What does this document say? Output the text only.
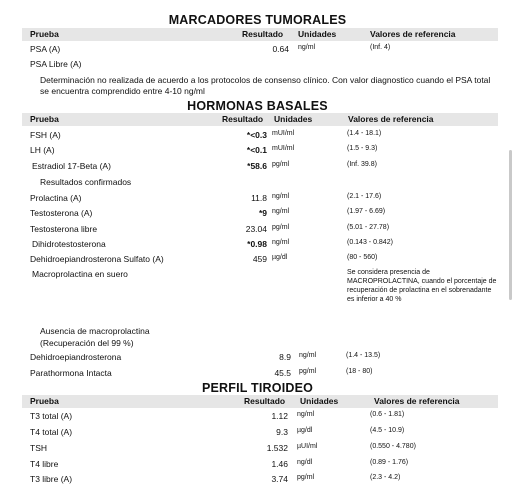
MARCADORES TUMORALES
Prueba	Resultado Unidades	Valores de referencia
PSA (A)	0.64 ng/ml	(Inf. 4)
PSA Libre (A)
Determinación no realizada de acuerdo a los protocolos de consenso clínico. Con valor diagnostico cuando el PSA total se encuentra comprendido entre 4-10 ng/ml
HORMONAS BASALES
Prueba	Resultado Unidades	Valores de referencia
FSH (A)	*<0.3 mUI/ml	(1.4 - 18.1)
LH (A)	*<0.1 mUI/ml	(1.5 - 9.3)
Estradiol 17-Beta (A)	*58.6 pg/ml	(Inf. 39.8)
Resultados confirmados
Prolactina (A)	11.8 ng/ml	(2.1 - 17.6)
Testosterona (A)	*9 ng/ml	(1.97 - 6.69)
Testosterona libre	23.04 pg/ml	(5.01 - 27.78)
Dihidrotestosterona	*0.98 ng/ml	(0.143 - 0.842)
Dehidroepiandrosterona Sulfato (A)	459 µg/dl	(80 - 560)
Macroprolactina en suero	Se considera presencia de MACROPROLACTINA, cuando el porcentaje de recuperación de prolactina en el sobrenadante es inferior a 40 %
Ausencia de macroprolactina
(Recuperación del 99 %)
Dehidroepiandrosterona	8.9 ng/ml	(1.4 - 13.5)
Parathormona Intacta	45.5 pg/ml	(18 - 80)
PERFIL TIROIDEO
Prueba	Resultado Unidades	Valores de referencia
T3 total (A)	1.12 ng/ml	(0.6 - 1.81)
T4 total (A)	9.3 µg/dl	(4.5 - 10.9)
TSH	1.532 µUI/ml	(0.550 - 4.780)
T4 libre	1.46 ng/dl	(0.89 - 1.76)
T3 libre (A)	3.74 pg/ml	(2.3 - 4.2)
